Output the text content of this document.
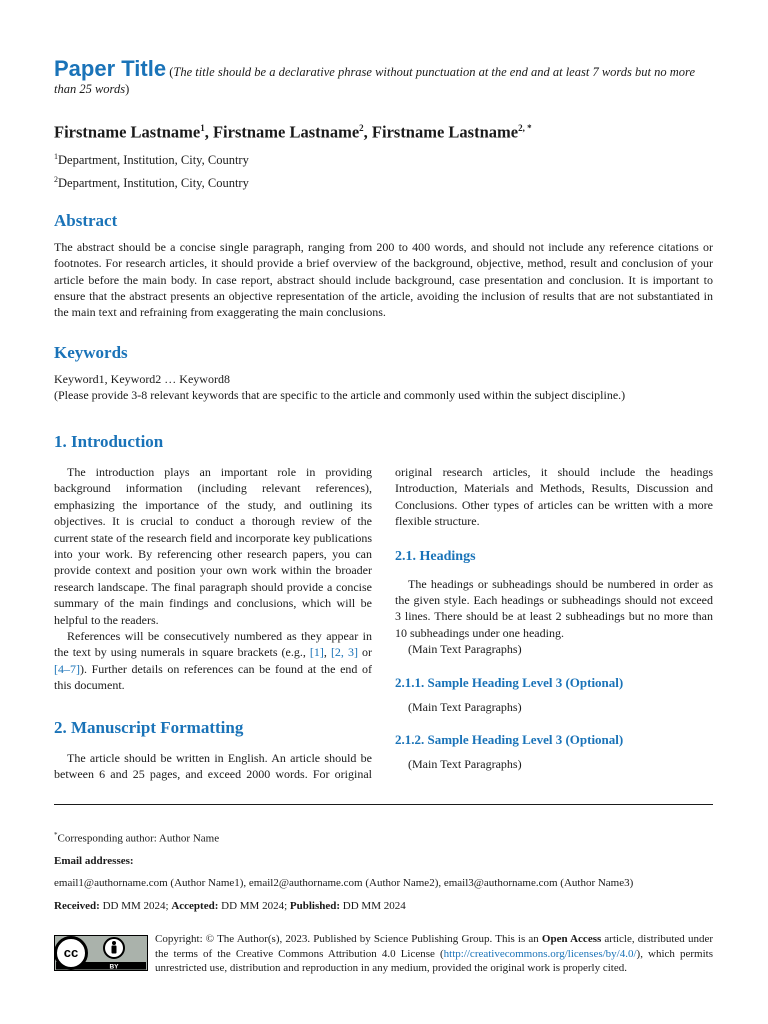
Paper Title (The title should be a declarative phrase without punctuation at the end and at least 7 words but no more than 25 words)

Firstname Lastname$^1$, Firstname Lastname$^2$, Firstname Lastname$^{2, *}$
$^1$Department, Institution, City, Country
$^2$Department, Institution, City, Country
Abstract

The abstract should be a concise single paragraph, ranging from 200 to 400 words, and should not include any reference citations or footnotes. For research articles, it should provide a brief overview of the background, objective, method, result and conclusion of your article before the main body. In case report, abstract should include background, case presentation and conclusion. It is important to ensure that the abstract presents an objective representation of the article, avoiding the inclusion of results that are not substantiated in the main text and refraining from exaggerating the main conclusions.

Keywords
Keyword1, Keyword2 … Keyword8
(Please provide 3-8 relevant keywords that are specific to the article and commonly used within the subject discipline.)
1. Introduction

The introduction plays an important role in providing background information (including relevant references), emphasizing the importance of the study, and outlining its objectives. It is crucial to conduct a thorough review of the current state of the research field and incorporate key publications into your work. By referencing other research papers, you can provide context and position your own work within the broader research landscape. The final paragraph should provide a concise summary of the main findings and conclusions, which will be helpful to the readers.

References will be consecutively numbered as they appear in the text by using numerals in square brackets (e.g., [1], [2, 3] or [4–7]). Further details on references can be found at the end of this document.

2. Manuscript Formatting

The article should be written in English. An article should be between 6 and 25 pages, and exceed 2000 words. For original

original research articles, it should include the headings Introduction, Materials and Methods, Results, Discussion and Conclusions. Other types of articles can be written with a more flexible structure.

2.1. Headings

The headings or subheadings should be numbered in order as the given style. Each headings or subheadings should not exceed 3 lines. There should be at least 2 subheadings but no more than 10 subheadings under one heading.

(Main Text Paragraphs)

2.1.1. Sample Heading Level 3 (Optional)

(Main Text Paragraphs)

2.1.2. Sample Heading Level 3 (Optional)

(Main Text Paragraphs)

*Corresponding author: Author Name

Email addresses:

email1@authorname.com (Author Name1), email2@authorname.com (Author Name2), email3@authorname.com (Author Name3)

Received: DD MM 2024; Accepted: DD MM 2024; Published: DD MM 2024

cc
BY
Copyright: © The Author(s), 2023. Published by Science Publishing Group. This is an Open Access article, distributed under the terms of the Creative Commons Attribution 4.0 License (http://creativecommons.org/licenses/by/4.0/), which permits unrestricted use, distribution and reproduction in any medium, provided the original work is properly cited.
